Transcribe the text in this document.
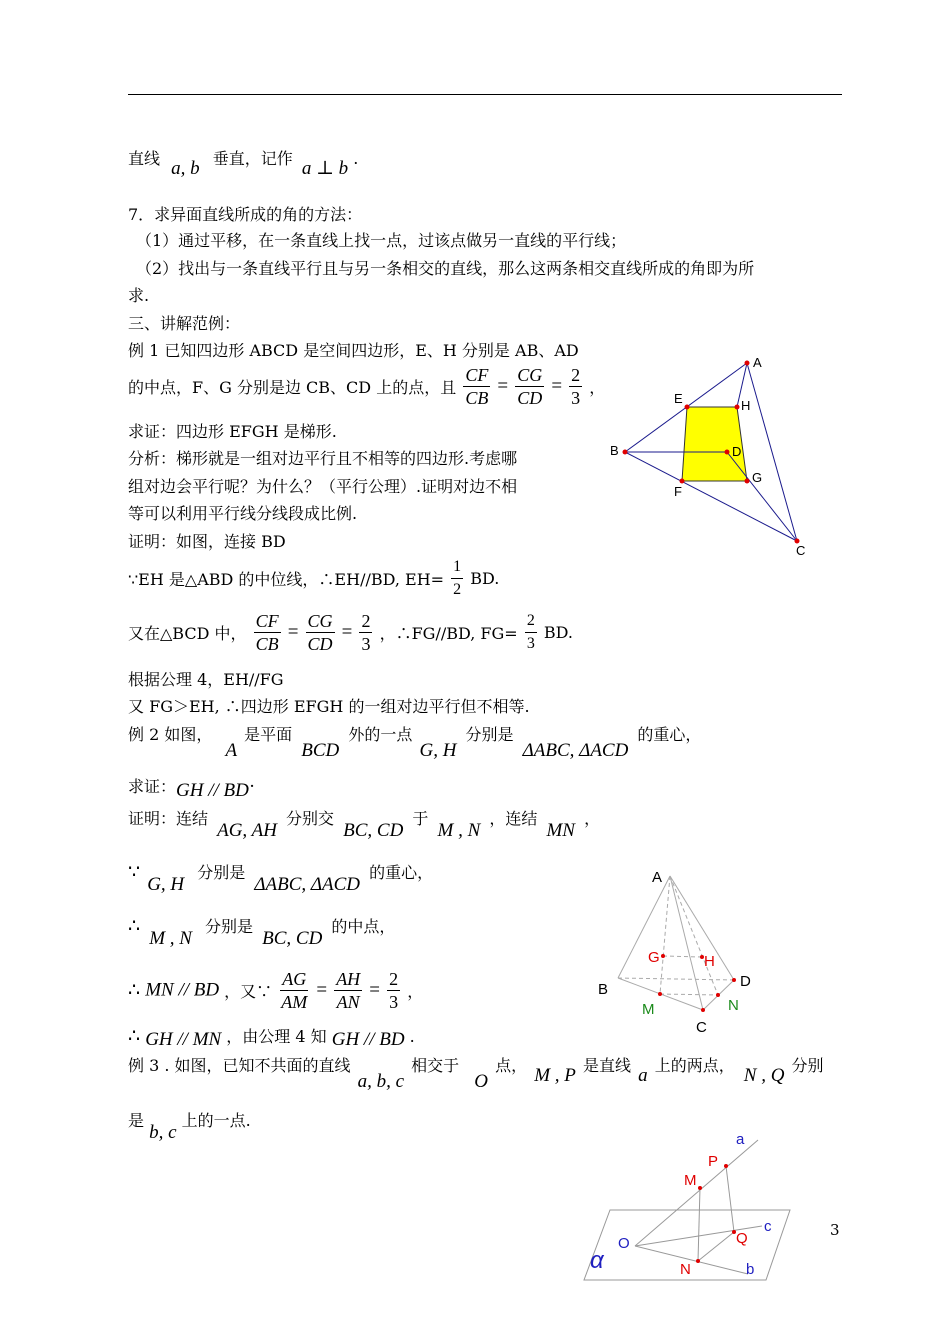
直线 a, b 垂直，记作 a ⊥ b .
7．求异面直线所成的角的方法：
（1）通过平移，在一条直线上找一点，过该点做另一直线的平行线；
（2）找出与一条直线平行且与另一条相交的直线，那么这两条相交直线所成的角即为所
求.
三、讲解范例：
例 1 已知四边形 ABCD 是空间四边形，E、H 分别是 AB、AD
的中点，F、G 分别是边 CB、CD 上的点，且 $\frac{CF}{CB} = \frac{CG}{CD} = \frac{2}{3}$ ，
求证：四边形 EFGH 是梯形.
分析：梯形就是一组对边平行且不相等的四边形.考虑哪
组对边会平行呢？为什么？（平行公理）.证明对边不相
等可以利用平行线分线段成比例.
证明：如图，连接 BD
∵EH 是△ABD 的中位线，∴EH//BD, $EH= \frac{1}{2}$ BD.
又在△BCD 中， $\frac{CF}{CB} = \frac{CG}{CD} = \frac{2}{3}$ ，∴FG//BD, $FG= \frac{2}{3}$ BD.
根据公理 4，EH//FG
又 FG＞EH, ∴四边形 EFGH 的一组对边平行但不相等.
A
E	H
B	D
G
F
C
例 2 如图， A 是平面 BCD 外的一点 G, H 分别是 ΔABC, ΔACD 的重心，
求证：GH // BD·
证明：连结 AG, AH 分别交 BC, CD 于 M , N ，连结 MN ，
∵ G, H 分别是 ΔABC, ΔACD 的重心，
∴ M , N 分别是 BC, CD 的中点，
∴ MN // BD ，又∵ $\frac{AG}{AM} = \frac{AH}{AN} = \frac{2}{3}$ ，
∴ GH // MN ，由公理 4 知 GH // BD .
A
G	H
B	D
M	N
C
例 3 . 如图，已知不共面的直线 a, b, c 相交于 O 点， M , P 是直线 a 上的两点， N , Q 分别
是 b, c 上的一点.
a
P
M
c
Q
O
α	N	b
3
